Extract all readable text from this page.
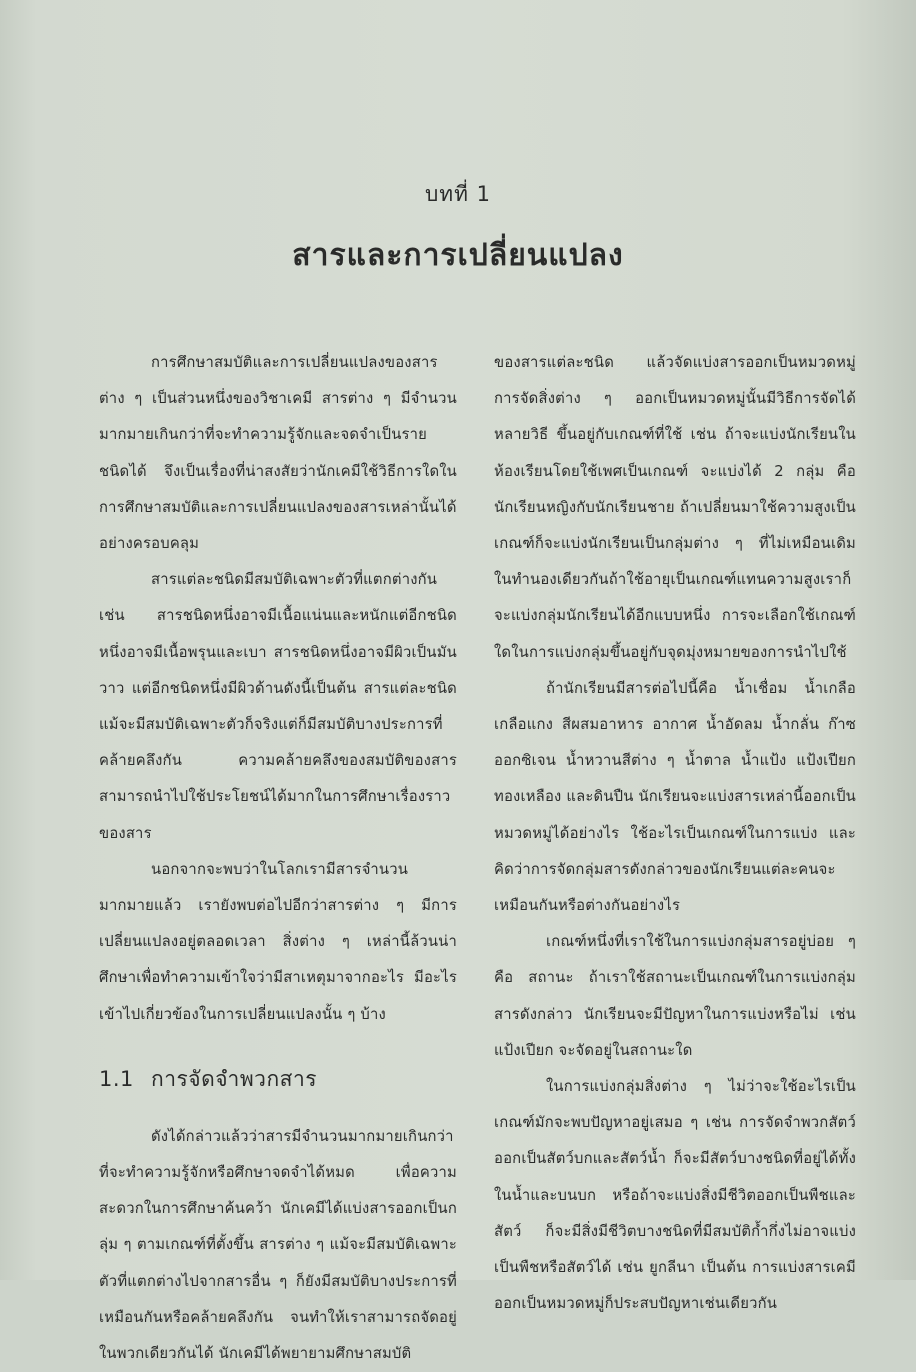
บทที่ 1
สารและการเปลี่ยนแปลง

การศึกษาสมบัติและการเปลี่ยนแปลงของสารต่าง ๆ เป็นส่วนหนึ่งของวิชาเคมี สารต่าง ๆ มีจำนวนมากมายเกินกว่าที่จะทำความรู้จักและจดจำเป็นรายชนิดได้ จึงเป็นเรื่องที่น่าสงสัยว่านักเคมีใช้วิธีการใดในการศึกษาสมบัติและการเปลี่ยนแปลงของสารเหล่านั้นได้อย่างครอบคลุม

สารแต่ละชนิดมีสมบัติเฉพาะตัวที่แตกต่างกัน เช่น สารชนิดหนึ่งอาจมีเนื้อแน่นและหนักแต่อีกชนิดหนึ่งอาจมีเนื้อพรุนและเบา สารชนิดหนึ่งอาจมีผิวเป็นมันวาว แต่อีกชนิดหนึ่งมีผิวด้านดังนี้เป็นต้น สารแต่ละชนิดแม้จะมีสมบัติเฉพาะตัวก็จริงแต่ก็มีสมบัติบางประการที่คล้ายคลึงกัน ความคล้ายคลึงของสมบัติของสารสามารถนำไปใช้ประโยชน์ได้มากในการศึกษาเรื่องราวของสาร

นอกจากจะพบว่าในโลกเรามีสารจำนวนมากมายแล้ว เรายังพบต่อไปอีกว่าสารต่าง ๆ มีการเปลี่ยนแปลงอยู่ตลอดเวลา สิ่งต่าง ๆ เหล่านี้ล้วนน่าศึกษาเพื่อทำความเข้าใจว่ามีสาเหตุมาจากอะไร มีอะไรเข้าไปเกี่ยวข้องในการเปลี่ยนแปลงนั้น ๆ บ้าง

1.1 การจัดจำพวกสาร

ดังได้กล่าวแล้วว่าสารมีจำนวนมากมายเกินกว่าที่จะทำความรู้จักหรือศึกษาจดจำได้หมด เพื่อความสะดวกในการศึกษาค้นคว้า นักเคมีได้แบ่งสารออกเป็นกลุ่ม ๆ ตามเกณฑ์ที่ตั้งขึ้น สารต่าง ๆ แม้จะมีสมบัติเฉพาะตัวที่แตกต่างไปจากสารอื่น ๆ ก็ยังมีสมบัติบางประการที่เหมือนกันหรือคล้ายคลึงกัน จนทำให้เราสามารถจัดอยู่ในพวกเดียวกันได้ นักเคมีได้พยายามศึกษาสมบัติ

ของสารแต่ละชนิด แล้วจัดแบ่งสารออกเป็นหมวดหมู่ การจัดสิ่งต่าง ๆ ออกเป็นหมวดหมู่นั้นมีวิธีการจัดได้หลายวิธี ขึ้นอยู่กับเกณฑ์ที่ใช้ เช่น ถ้าจะแบ่งนักเรียนในห้องเรียนโดยใช้เพศเป็นเกณฑ์ จะแบ่งได้ 2 กลุ่ม คือนักเรียนหญิงกับนักเรียนชาย ถ้าเปลี่ยนมาใช้ความสูงเป็นเกณฑ์ก็จะแบ่งนักเรียนเป็นกลุ่มต่าง ๆ ที่ไม่เหมือนเดิม ในทำนองเดียวกันถ้าใช้อายุเป็นเกณฑ์แทนความสูงเราก็จะแบ่งกลุ่มนักเรียนได้อีกแบบหนึ่ง การจะเลือกใช้เกณฑ์ใดในการแบ่งกลุ่มขึ้นอยู่กับจุดมุ่งหมายของการนำไปใช้

ถ้านักเรียนมีสารต่อไปนี้คือ น้ำเชื่อม น้ำเกลือ เกลือแกง สีผสมอาหาร อากาศ น้ำอัดลม น้ำกลั่น ก๊าซออกซิเจน น้ำหวานสีต่าง ๆ น้ำตาล น้ำแป้ง แป้งเปียก ทองเหลือง และดินปืน นักเรียนจะแบ่งสารเหล่านี้ออกเป็นหมวดหมู่ได้อย่างไร ใช้อะไรเป็นเกณฑ์ในการแบ่ง และคิดว่าการจัดกลุ่มสารดังกล่าวของนักเรียนแต่ละคนจะเหมือนกันหรือต่างกันอย่างไร

เกณฑ์หนึ่งที่เราใช้ในการแบ่งกลุ่มสารอยู่บ่อย ๆ คือ สถานะ ถ้าเราใช้สถานะเป็นเกณฑ์ในการแบ่งกลุ่มสารดังกล่าว นักเรียนจะมีปัญหาในการแบ่งหรือไม่ เช่น แป้งเปียก จะจัดอยู่ในสถานะใด

ในการแบ่งกลุ่มสิ่งต่าง ๆ ไม่ว่าจะใช้อะไรเป็นเกณฑ์มักจะพบปัญหาอยู่เสมอ ๆ เช่น การจัดจำพวกสัตว์ออกเป็นสัตว์บกและสัตว์น้ำ ก็จะมีสัตว์บางชนิดที่อยู่ได้ทั้งในน้ำและบนบก หรือถ้าจะแบ่งสิ่งมีชีวิตออกเป็นพืชและสัตว์ ก็จะมีสิ่งมีชีวิตบางชนิดที่มีสมบัติก้ำกึ่งไม่อาจแบ่งเป็นพืชหรือสัตว์ได้ เช่น ยูกลีนา เป็นต้น การแบ่งสารเคมีออกเป็นหมวดหมู่ก็ประสบปัญหาเช่นเดียวกัน
